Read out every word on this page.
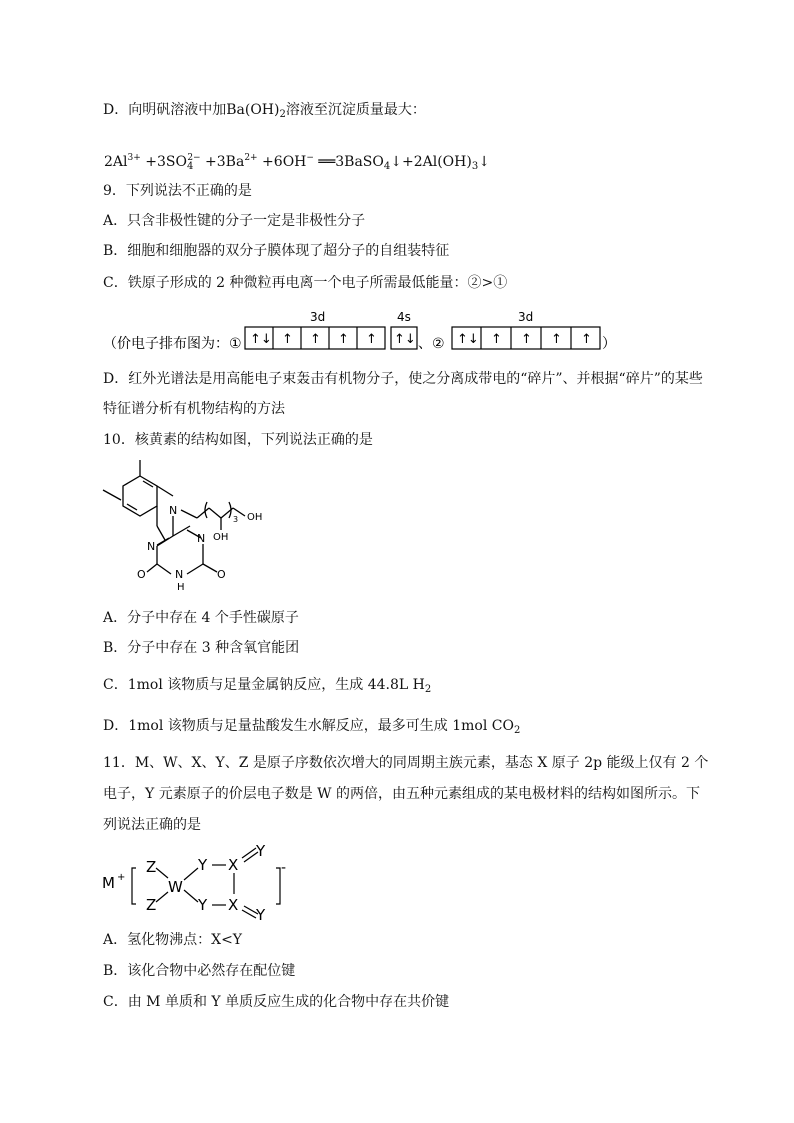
D．向明矾溶液中加$Ba(OH)_2$溶液至沉淀质量最大：
$2Al^{3+} +3SO_4^{2-} +3Ba^{2+} +6OH^-$ $══3BaSO_4↓+2Al(OH)_3↓$
9．下列说法不正确的是
A．只含非极性键的分子一定是非极性分子
B．细胞和细胞器的双分子膜体现了超分子的自组装特征
C．铁原子形成的 2 种微粒再电离一个电子所需最低能量：②>①
（价电子排布图为：①
3d
↑↓ ↑ ↑ ↑ ↑
4s
↑↓ 、②
3d
↑↓ ↑ ↑ ↑ ↑ ）
D．红外光谱法是用高能电子束轰击有机物分子，使之分离成带电的“碎片”、并根据“碎片”的某些
特征谱分析有机物结构的方法
10．核黄素的结构如图，下列说法正确的是
N
N
N
OH
OH
3
O	O
N
H
A．分子中存在 4 个手性碳原子
B．分子中存在 3 种含氧官能团
C．1mol 该物质与足量金属钠反应，生成 44.8L $H_2$
D．1mol 该物质与足量盐酸发生水解反应，最多可生成 1mol $CO_2$
11．M、W、X、Y、Z 是原子序数依次增大的同周期主族元素，基态 X 原子 2p 能级上仅有 2 个
电子，Y 元素原子的价层电子数是 W 的两倍，由五种元素组成的某电极材料的结构如图所示。下
列说法正确的是
M +
Z
Z
W
Y
Y
X
X
Y
Y
-
A．氢化物沸点：X<Y
B．该化合物中必然存在配位键
C．由 M 单质和 Y 单质反应生成的化合物中存在共价键
